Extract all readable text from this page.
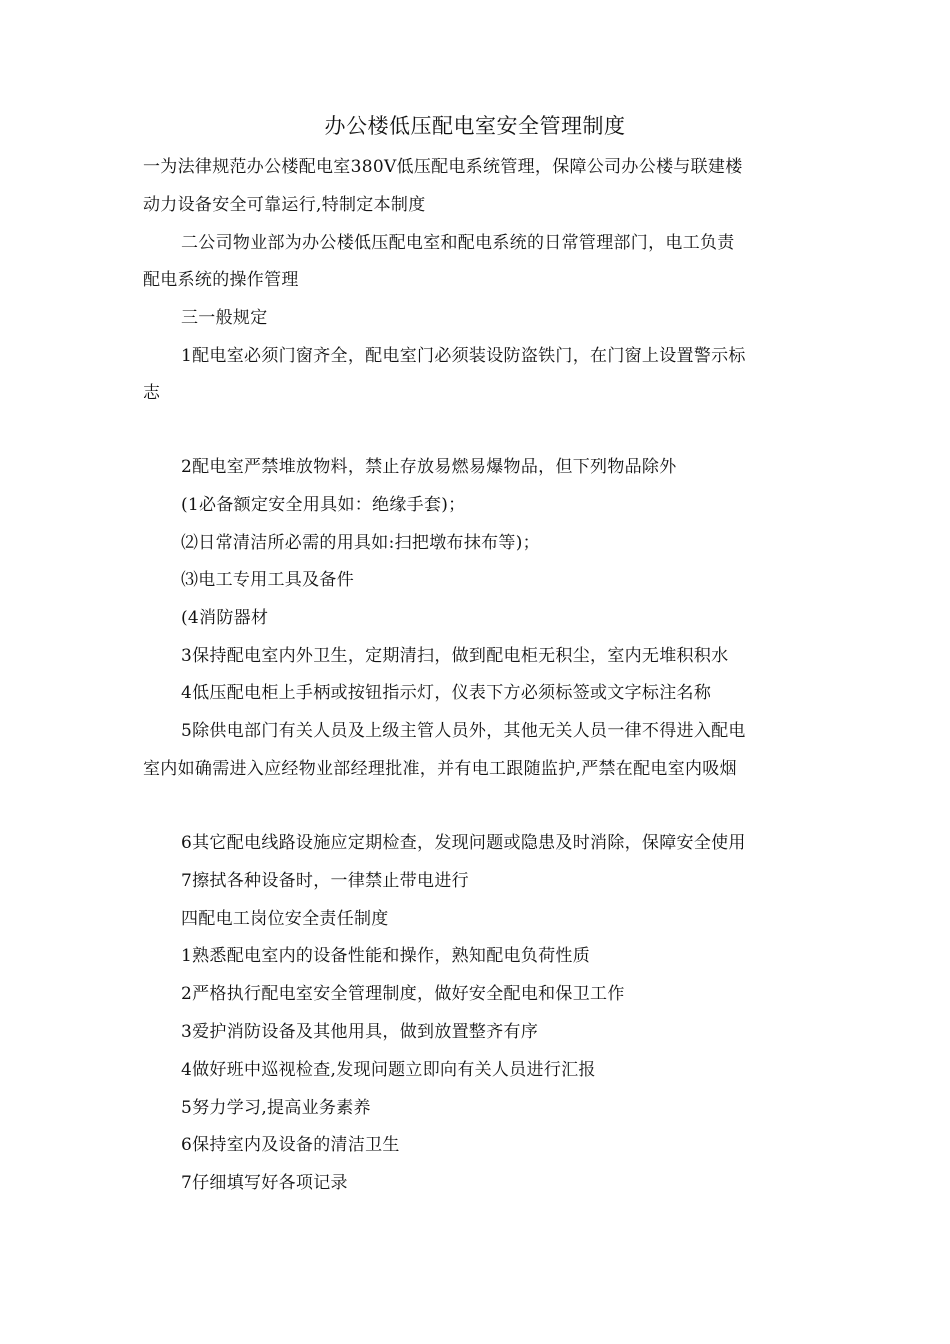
办公楼低压配电室安全管理制度
一为法律规范办公楼配电室380V低压配电系统管理，保障公司办公楼与联建楼
动力设备安全可靠运行,特制定本制度
二公司物业部为办公楼低压配电室和配电系统的日常管理部门，电工负责
配电系统的操作管理
三一般规定
1配电室必须门窗齐全，配电室门必须装设防盗铁门，在门窗上设置警示标
志
2配电室严禁堆放物料，禁止存放易燃易爆物品，但下列物品除外
(1必备额定安全用具如：绝缘手套)；
⑵日常清洁所必需的用具如:扫把墩布抹布等)；
⑶电工专用工具及备件
(4消防器材
3保持配电室内外卫生，定期清扫，做到配电柜无积尘，室内无堆积积水
4低压配电柜上手柄或按钮指示灯，仪表下方必须标签或文字标注名称
5除供电部门有关人员及上级主管人员外，其他无关人员一律不得进入配电
室内如确需进入应经物业部经理批准，并有电工跟随监护,严禁在配电室内吸烟
6其它配电线路设施应定期检查，发现问题或隐患及时消除，保障安全使用
7擦拭各种设备时，一律禁止带电进行
四配电工岗位安全责任制度
1熟悉配电室内的设备性能和操作，熟知配电负荷性质
2严格执行配电室安全管理制度，做好安全配电和保卫工作
3爱护消防设备及其他用具，做到放置整齐有序
4做好班中巡视检查,发现问题立即向有关人员进行汇报
5努力学习,提高业务素养
6保持室内及设备的清洁卫生
7仔细填写好各项记录
